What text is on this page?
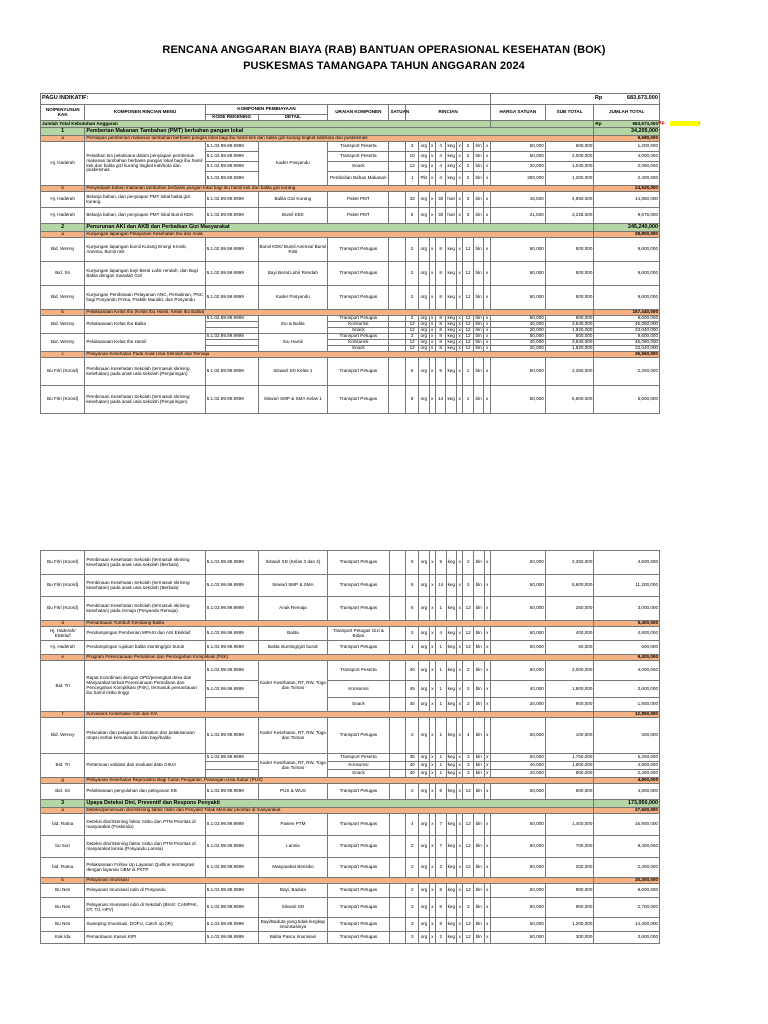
RENCANA ANGGARAN BIAYA (RAB) BANTUAN OPERASIONAL KESEHATAN (BOK)
PUSKESMAS TAMANGAPA TAHUN ANGGARAN 2024
PAGU INDIKATIF:																	Rp 683,673,000

NO/PENYUSUN KAK	KOMPONEN RINCIAN MENU	KOMPONEN PEMBIAYAAN		URAIAN KOMPONEN	SATUAN	RINCIAN									HARGA SATUAN	SUB TOTAL	JUMLAH TOTAL
		KODE REKENING	DETAIL														
Jumlah Total Kebutuhan Anggaran																	Rp 683,673,000 Rp -

1	Pemberian Makanan Tambahan (PMT) berbahan pangan lokal																34,205,000
a	Persiapan pemberian makanan tambahan berbasis pangan lokal bagi ibu hamil kek dan balita gizi kurang tingkat kab/kota dan puskesmas																9,680,000
Hj. Haderah	Pelatihan tim pelaksana dalam penyiapan pemberian makanan tambahan berbasis pangan lokal bagi ibu hamil kek dan balita gizi kurang tingkat kab/kota dan puskesmas	5.1.02.99.99.9999	Kader Posyandu	Transport Peserta		3	org	x	4	keg	x	2	bln	x	50,000	600,000	1,200,000
		5.1.02.99.99.9999		Transport Peserta		10	org	x	4	keg	x	2	bln	x	50,000	2,000,000	4,000,000
		5.1.02.99.99.9999		Snack		13	org	x	4	keg	x	2	bln	x	20,000	1,040,000	2,080,000
		5.1.02.99.99.9999		Pembelian Bahan Makanan		1	Pkt	x	4	keg	x	2	bln	x	300,000	1,200,000	2,400,000
b	Penyediaan bahan makanan tambahan berbasis pangan lokal bagi ibu hamil kek dan balita gizi kurang																24,525,000
Hj. Haderah	Belanja bahan, dan penyiapan PMT lokal balita gizi kurang	5.1.02.99.99.9999	Balita Gizi Kurang	Paket PMT		33	org	x	30	hari	x	3	bln	x	16,500	4,950,000	14,850,000
Hj. Haderah	Belanja bahan, dan penyiapan PMT lokal Bumil KEK	5.1.02.99.99.9999	Bumil KEK	Paket PMT		5	org	x	30	hari	x	3	bln	x	21,500	3,225,000	9,675,000
2	Penurunan AKI dan AKB dan Perbaikan Gizi Masyarakat																245,240,000
a	Kunjungan lapangan Pelayanan Kesehatan Ibu dan Anak																28,800,000
Bid. Wenny	Kunjungan lapangan bumil Kurang Energi Kronik, Anemia, Bumil risti	5.1.02.99.99.9999	Bumil KEK/ Bumil Anemia/ Bumil Risti	Transport Petugas		2	org	x	8	keg	x	12	bln	x	50,000	800,000	9,600,000
Bid. Sri	Kunjungan lapangan bayi Berat Lahir rendah, dan Bayi Balita dengan masalah Gizi	5.1.02.99.99.9999	Bayi Berat Lahir Rendah	Transport Petugas		2	org	x	8	keg	x	12	bln	x	50,000	800,000	9,600,000
Bid. Wenny	Kunjungan Pembinaan Pelayanan ANC, Persalinan, PNC bagi Posyandu Prima, Praktik Mandiri, dan Posyandu	5.1.02.99.99.9999	Kader Posyandu	Transport Petugas		2	org	x	8	keg	x	12	bln	x	50,000	800,000	9,600,000
b	Pelaksanaan Kelas Ibu (Kelas Ibu Hamil, Kelas Ibu Balita)																157,440,000
Bid. Wenny	Pelaksanaan Kelas Ibu Balita	5.1.02.99.99.9999	Ibu & Balita	Transport Petugas		2	org	x	8	keg	x	12	bln	x	50,000	800,000	9,600,000
				Konsumsi		12	org	x	8	keg	x	12	bln	x	40,000	3,840,000	46,080,000
				Snack		12	org	x	8	keg	x	12	bln	x	20,000	1,920,000	23,040,000
Bid. Wenny	Pelaksanaan Kelas Ibu Hamil	5.1.02.99.99.9999	Ibu Hamil	Transport Petugas		2	org	x	8	keg	x	12	bln	x	50,000	800,000	9,600,000
				Konsumsi		12	org	x	8	keg	x	12	bln	x	40,000	3,840,000	46,080,000
				Snack		12	org	x	8	keg	x	12	bln	x	20,000	1,920,000	23,040,000
c	Pelayanan Kesehatan Pada Anak Usia Sekolah dan Remaja																26,550,000
Bu Fitri (Koord)	Pembinaan Kesehatan Sekolah (termasuk skrining kesehatan) pada anak usia sekolah (Penjaringan)	5.1.02.99.99.9999	Siswa/I SD Kelas 1	Transport Petugas		5	org	x	9	keg	x	1	bln	x	50,000	2,250,000	2,250,000
Bu Fitri (Koord)	Pembinaan Kesehatan Sekolah (termasuk skrining kesehatan) pada anak usia sekolah (Penjaringan)	5.1.02.99.99.9999	Siswa/I SMP & SMA Kelas 1	Transport Petugas		8	org	x	14	keg	x	1	bln	x	50,000	5,600,000	5,600,000
Bu Fitri (Koord)	Pembinaan Kesehatan Sekolah (termasuk skrining kesehatan) pada anak usia sekolah (Berkala)	5.1.02.99.99.9999	Siswa/I SD (Kelas 3 dan 4)	Transport Petugas		5	org	x	9	keg	x	2	bln	x	50,000	2,250,000	4,500,000
Bu Fitri (Koord)	Pembinaan Kesehatan Sekolah (termasuk skrining kesehatan) pada anak usia sekolah (Berkala)	5.1.02.99.99.9999	Siswa/I SMP & SMA	Transport Petugas		8	org	x	14	keg	x	2	bln	x	50,000	5,600,000	11,200,000
Bu Fitri (Koord)	Pembinaan Kesehatan Sekolah (termasuk skrining kesehatan) pada remaja (Posyandu Remaja)	5.1.02.99.99.9999	Anak Remaja	Transport Petugas		5	org	x	1	keg	x	12	bln	x	50,000	250,000	3,000,000
d	Pemantauan Tumbuh Kembang Balita																5,400,000
Hj. Haderah/ Ekskluif	Pendampingan Pemberian MPASI dan ASI Ekskluif	5.1.02.99.99.9999	Balita	Transport Petugas Gizi & Bidan		2	org	x	4	keg	x	12	bln	x	50,000	400,000	4,800,000
Hj. Haderah	Pendampingan rujukan balita stunting/gizi buruk	5.1.02.99.99.9999	Balita stunting/gizi buruk	Transport Petugas		1	org	x	1	keg	x	12	bln	x	50,000	50,000	600,000
e	Program Perencanaan Persalinan dan Pencegahan Komplikasi (P4K)																9,400,000
Bid. Tri	Rapat Koordinasi dengan OPD/perangkat desa dan Masyarakat terkait Perencanaan Persalinan dan Pencegahan Komplikasi (P4K), termasuk pemantauan ibu hamil risiko tinggi	5.1.02.99.99.9999	Kader Kesehatan, RT, RW, Toga dan Tomas	Transport Peserta		40	org	x	1	keg	x	2	bln	x	50,000	2,000,000	4,000,000
		5.1.02.99.99.9999		Konsumsi		45	org	x	1	keg	x	2	bln	x	40,000	1,800,000	3,600,000
				Snack		45	org	x	1	keg	x	2	bln	x	20,000	900,000	1,800,000
f	Surveilans Kesehatan Gizi dan KIA																12,850,000
Bid. Wenny	Pelacakan dan pelaporan kematian dan pelaksanaan otopsi verbal kematian ibu dan bayi/balita	5.1.02.99.99.9999	Kader Kesehatan, RT, RW, Toga dan Tomas	Transport Petugas		2	org	x	1	keg	x	4	bln	x	50,000	100,000	400,000
Bid. Tri	Pertemuan validasi dan evaluasi data GIKIA	5.1.02.99.99.9999	Kader Kesehatan, RT, RW, Toga dan Tomas	Transport Peserta		35	org	x	1	keg	x	3	bln	x	50,000	1,750,000	5,250,000
				Konsumsi		40	org	x	1	keg	x	3	bln	x	40,000	1,600,000	4,800,000
				Snack		40	org	x	1	keg	x	3	bln	x	20,000	800,000	2,400,000
g	Pelayanan Kesehatan Reproduksi Bagi Calon Pengantin, Pasangan Usia Subur (PUS)																4,800,000
Bid. Sri	Pelaksanaan penyuluhan dan pelayanan KB	5.1.02.99.99.9999	PUS & WUS	Transport Petugas		2	org	x	6	keg	x	12	bln	x	50,000	600,000	4,800,000
3	Upaya Deteksi Dini, Preventif dan Respons Penyakit																173,950,000
a	Deteksi/penemuan dini/skrining faktor risiko dan Penyakit Tidak Menular prioritas di masyarakat																27,600,000
bid. Ratna	Deteksi dini/Skrining faktor risiko dan PTM Prioritas di masyarakat (Posbindu)	5.1.02.99.99.9999	Pasien PTM	Transport Petugas		4	org	x	7	keg	x	12	bln	x	50,000	1,400,000	16,800,000
bu Suri	Deteksi dini/Skrining faktor risiko dan PTM Prioritas di masyarakat lansia (Posyandu Lansia)	5.1.02.99.99.9999	Lansia	Transport Petugas		2	org	x	7	keg	x	12	bln	x	50,000	700,000	8,400,000
bid. Ratna	Pelaksanaan Follow Up Layanan Quitline terintegrasi dengan layanan UBM di FKTP	5.1.02.99.99.9999	Masyarakat Berisiko	Transport Petugas		2	org	x	2	keg	x	12	bln	x	50,000	200,000	2,400,000
b	Pelayanan Imunisasi																30,300,000
Bu Nes	Pelayanan Imunisasi rutin di Posyandu	5.1.02.99.99.9999	Bayi, Baduta	Transport Petugas		2	org	x	8	keg	x	12	bln	x	50,000	800,000	9,600,000
Bu Nes	Pelayanan Imunisasi rutin di Sekolah (BIAS: CAMPAK, DT, Td, HPV)	5.1.02.99.99.9999	Siswa/I SD	Transport Petugas		3	org	x	6	keg	x	3	bln	x	50,000	900,000	2,700,000
Bu Nes	Sweeping Imunisasi, DOFU, Catch up (IR)	5.1.02.99.99.9999	Bayi/Baduta yang tidak lengkap imunisasinya	Transport Petugas		3	org	x	8	keg	x	12	bln	x	50,000	1,200,000	14,400,000
Kak Ida	Pemantauan Kasus KIPI	5.1.02.99.99.9999	Balita Pasca Imunisasi	Transport Petugas		3	org	x	2	keg	x	12	bln	x	50,000	300,000	3,600,000
